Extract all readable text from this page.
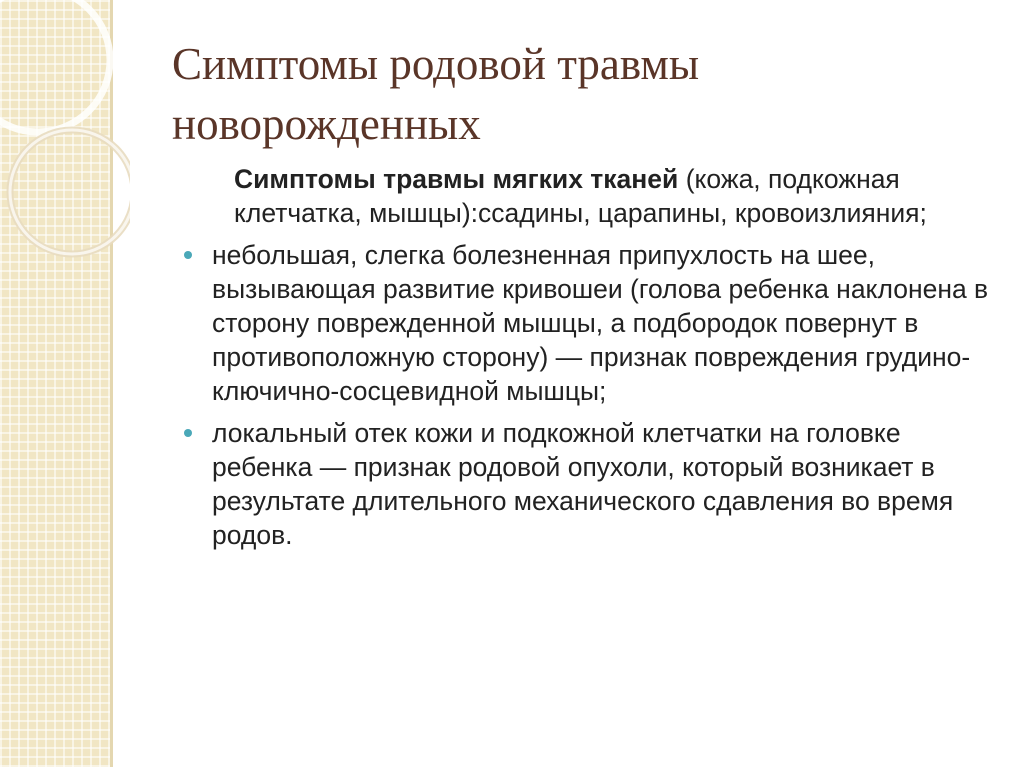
Симптомы родовой травмы новорожденных

Симптомы травмы мягких тканей (кожа, подкожная клетчатка, мышцы):ссадины, царапины, кровоизлияния;

небольшая, слегка болезненная припухлость на шее, вызывающая развитие кривошеи (голова ребенка наклонена в сторону поврежденной мышцы, а подбородок повернут в противоположную сторону) — признак повреждения грудино-ключично-сосцевидной мышцы;

локальный отек кожи и подкожной клетчатки на головке ребенка — признак родовой опухоли, который возникает в результате длительного механического сдавления во время родов.
